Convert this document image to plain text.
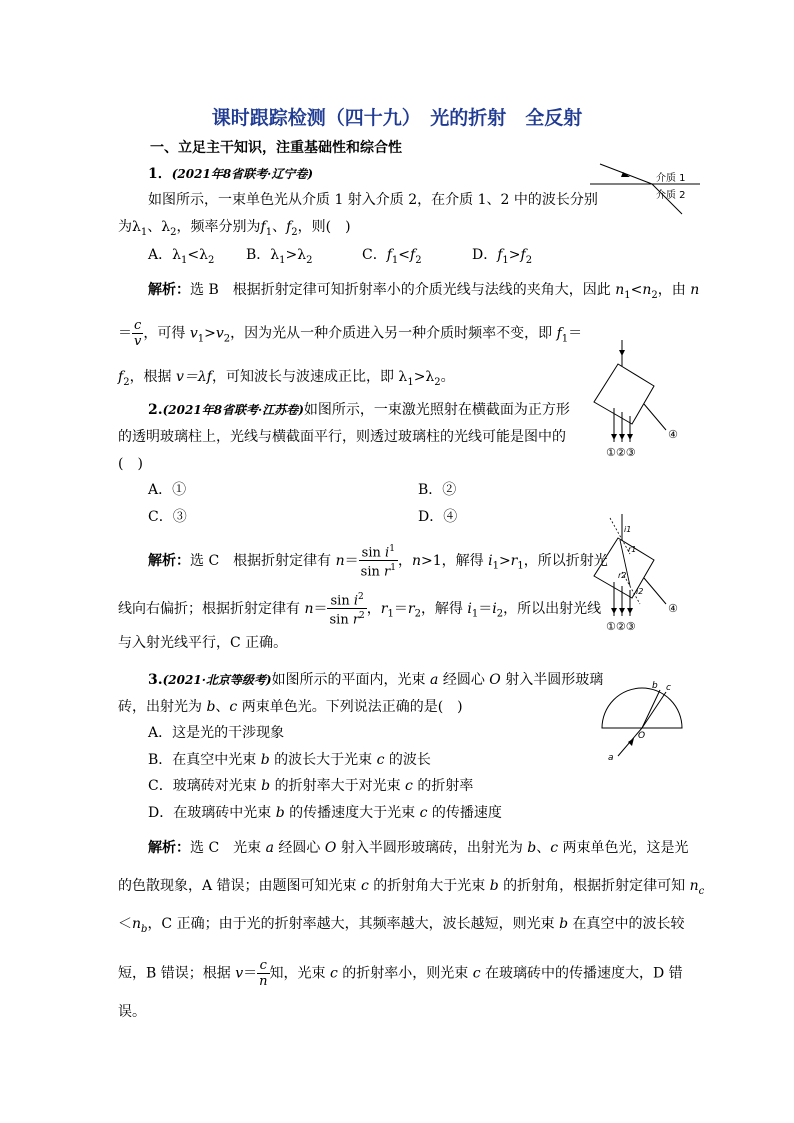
课时跟踪检测（四十九）　光的折射　全反射
一、立足主干知识，注重基础性和综合性
1．(2021年8省联考·辽宁卷)
如图所示，一束单色光从介质 1 射入介质 2，在介质 1、2 中的波长分别
为$\lambda_1$、$\lambda_2$，频率分别为$f_1$、$f_2$，则(　)
A．$\lambda_1<\lambda_2$ B．$\lambda_1>\lambda_2$	C．$f_1<f_2$	D．$f_1>f_2$
介质 1
介质 2
解析：选 B　根据折射定律可知折射率小的介质光线与法线的夹角大，因此 $n_1<n_2$，由 n
＝ $\frac{c}{v}$ ，可得 $v_1>v_2$，因为光从一种介质进入另一种介质时频率不变，即 $f_1=$
$f_2$，根据 v＝λf，可知波长与波速成正比，即 $\lambda_1>\lambda_2$。
①②③
④
2.(2021年8省联考·江苏卷)如图所示，一束激光照射在横截面为正方形
的透明玻璃柱上，光线与横截面平行，则透过玻璃柱的光线可能是图中的
(　)
A．①	B．②
C．③	D．④
i1
r1
r2
i2
①②③
④
解析：选 C　根据折射定律有 $n= \frac{\sin i^1}{\sin r^1}$ ，n>1，解得 $i_1>r_1$，所以折射光
线向右偏折；根据折射定律有 $n= \frac{\sin i^2}{\sin r^2}$ ，$r_1=r_2$，解得 $i_1=i_2$，所以出射光线
与入射光线平行，C 正确。
3.(2021·北京等级考)如图所示的平面内，光束 a 经圆心 O 射入半圆形玻璃
砖，出射光为 b、c 两束单色光。下列说法正确的是(　)
A．这是光的干涉现象
B．在真空中光束 b 的波长大于光束 c 的波长
C．玻璃砖对光束 b 的折射率大于对光束 c 的折射率
D．在玻璃砖中光束 b 的传播速度大于光束 c 的传播速度
a
O
b c
解析：选 C　光束 a 经圆心 O 射入半圆形玻璃砖，出射光为 b、c 两束单色光，这是光
的色散现象，A 错误；由题图可知光束 c 的折射角大于光束 b 的折射角，根据折射定律可知 $n_c$
$<n_b$，C 正确；由于光的折射率越大，其频率越大，波长越短，则光束 b 在真空中的波长较
短，B 错误；根据 $v= \frac{c}{n}$ 知，光束 c 的折射率小，则光束 c 在玻璃砖中的传播速度大，D 错
误。
